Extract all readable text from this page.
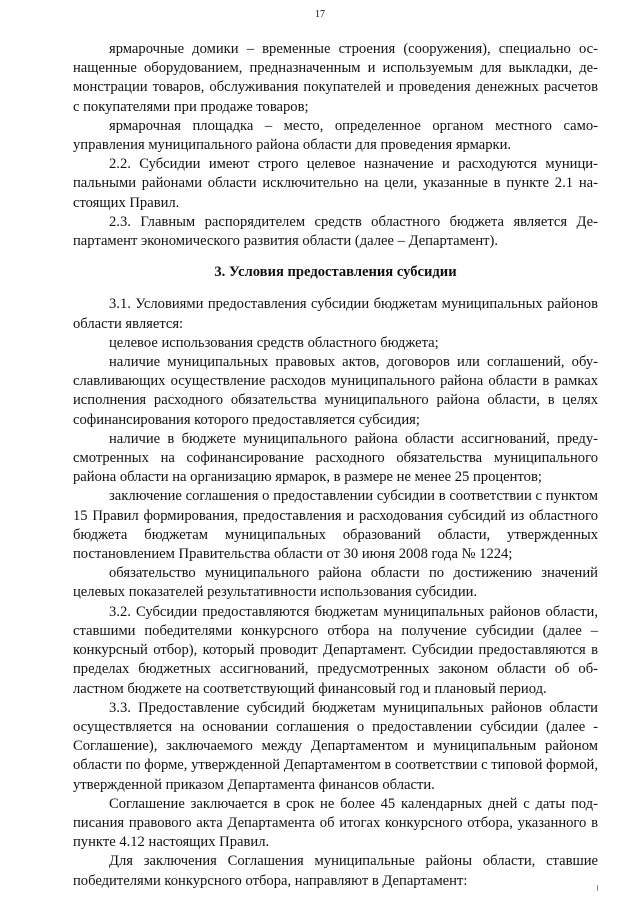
17

ярмарочные домики – временные строения (сооружения), специально оснащенные оборудованием, предназначенным и используемым для выкладки, демонстрации товаров, обслуживания покупателей и проведения денежных расчетов с покупателями при продаже товаров;

ярмарочная площадка – место, определенное органом местного самоуправления муниципального района области для проведения ярмарки.

2.2. Субсидии имеют строго целевое назначение и расходуются муниципальными районами области исключительно на цели, указанные в пункте 2.1 настоящих Правил.

2.3. Главным распорядителем средств областного бюджета является Департамент экономического развития области (далее – Департамент).

3. Условия предоставления субсидии

3.1. Условиями предоставления субсидии бюджетам муниципальных районов области является:

целевое использования средств областного бюджета;

наличие муниципальных правовых актов, договоров или соглашений, обуславливающих осуществление расходов муниципального района области в рамках исполнения расходного обязательства муниципального района области, в целях софинансирования которого предоставляется субсидия;

наличие в бюджете муниципального района области ассигнований, предусмотренных на софинансирование расходного обязательства муниципального района области на организацию ярмарок, в размере не менее 25 процентов;

заключение соглашения о предоставлении субсидии в соответствии с пунктом 15 Правил формирования, предоставления и расходования субсидий из областного бюджета бюджетам муниципальных образований области, утвержденных постановлением Правительства области от 30 июня 2008 года № 1224;

обязательство муниципального района области по достижению значений целевых показателей результативности использования субсидии.

3.2. Субсидии предоставляются бюджетам муниципальных районов области, ставшими победителями конкурсного отбора на получение субсидии (далее – конкурсный отбор), который проводит Департамент. Субсидии предоставляются в пределах бюджетных ассигнований, предусмотренных законом области об областном бюджете на соответствующий финансовый год и плановый период.

3.3. Предоставление субсидий бюджетам муниципальных районов области осуществляется на основании соглашения о предоставлении субсидии (далее - Соглашение), заключаемого между Департаментом и муниципальным районом области по форме, утвержденной Департаментом в соответствии с типовой формой, утвержденной приказом Департамента финансов области.

Соглашение заключается в срок не более 45 календарных дней с даты подписания правового акта Департамента об итогах конкурсного отбора, указанного в пункте 4.12 настоящих Правил.

Для заключения Соглашения муниципальные районы области, ставшие победителями конкурсного отбора, направляют в Департамент:
